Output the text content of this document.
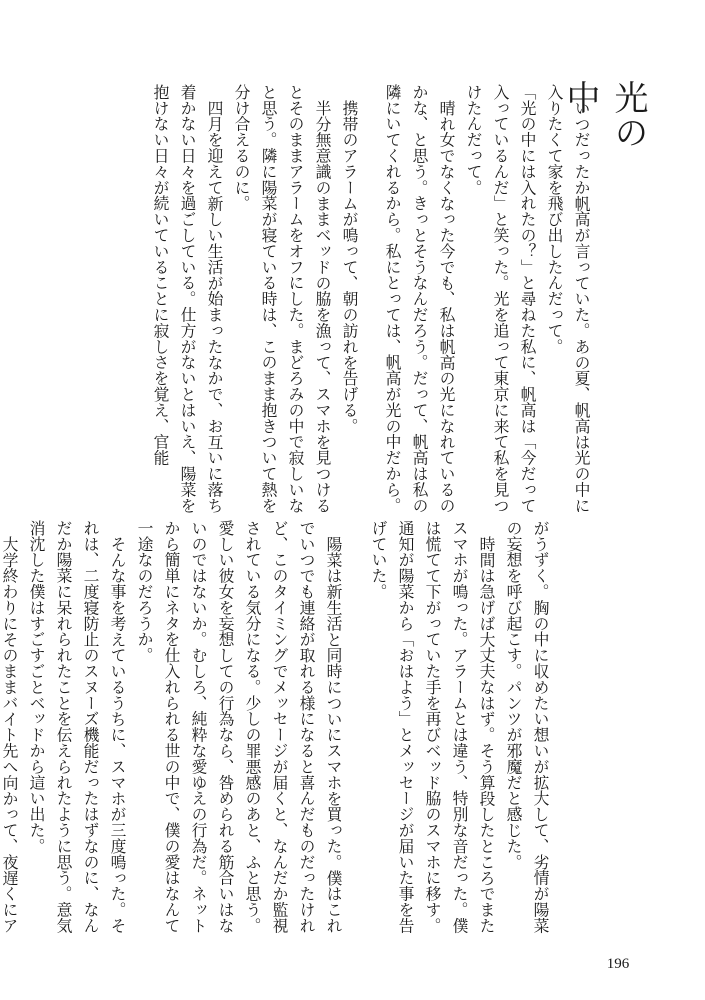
光の中
いつだったか帆高が言っていた。あの夏、帆高は光の中に入りたくて家を飛び出したんだって。
「光の中には入れたの？」と尋ねた私に、帆高は「今だって入っているんだ」と笑った。光を追って東京に来て私を見つけたんだって。
晴れ女でなくなった今でも、私は帆高の光になれているのかな、と思う。きっとそうなんだろう。だって、帆高は私の隣にいてくれるから。私にとっては、帆高が光の中だから。
携帯のアラームが鳴って、朝の訪れを告げる。
半分無意識のままベッドの脇を漁って、スマホを見つけるとそのままアラームをオフにした。まどろみの中で寂しいなと思う。隣に陽菜が寝ている時は、このまま抱きついて熱を分け合えるのに。
四月を迎えて新しい生活が始まったなかで、お互いに落ち着かない日々を過ごしている。仕方がないとはいえ、陽菜を抱けない日々が続いていることに寂しさを覚え、官能
がうずく。胸の中に収めたい想いが拡大して、劣情が陽菜の妄想を呼び起こす。パンツが邪魔だと感じた。
時間は急げば大丈夫なはず。そう算段したところでまたスマホが鳴った。アラームとは違う、特別な音だった。僕は慌てて下がっていた手を再びベッド脇のスマホに移す。通知が陽菜から「おはよう」とメッセージが届いた事を告げていた。
陽菜は新生活と同時についにスマホを買った。僕はこれでいつでも連絡が取れる様になると喜んだものだったけれど、このタイミングでメッセージが届くと、なんだか監視されている気分になる。少しの罪悪感のあと、ふと思う。愛しい彼女を妄想しての行為なら、咎められる筋合いはないのではないか。むしろ、純粋な愛ゆえの行為だ。ネットから簡単にネタを仕入れられる世の中で、僕の愛はなんて一途なのだろうか。
そんな事を考えているうちに、スマホが三度鳴った。それは、二度寝防止のスヌーズ機能だったはずなのに、なんだか陽菜に呆れられたことを伝えられたように思う。意気消沈した僕はすごすごとベッドから這い出た。
大学終わりにそのままバイト先へ向かって、夜遅くにア
196
